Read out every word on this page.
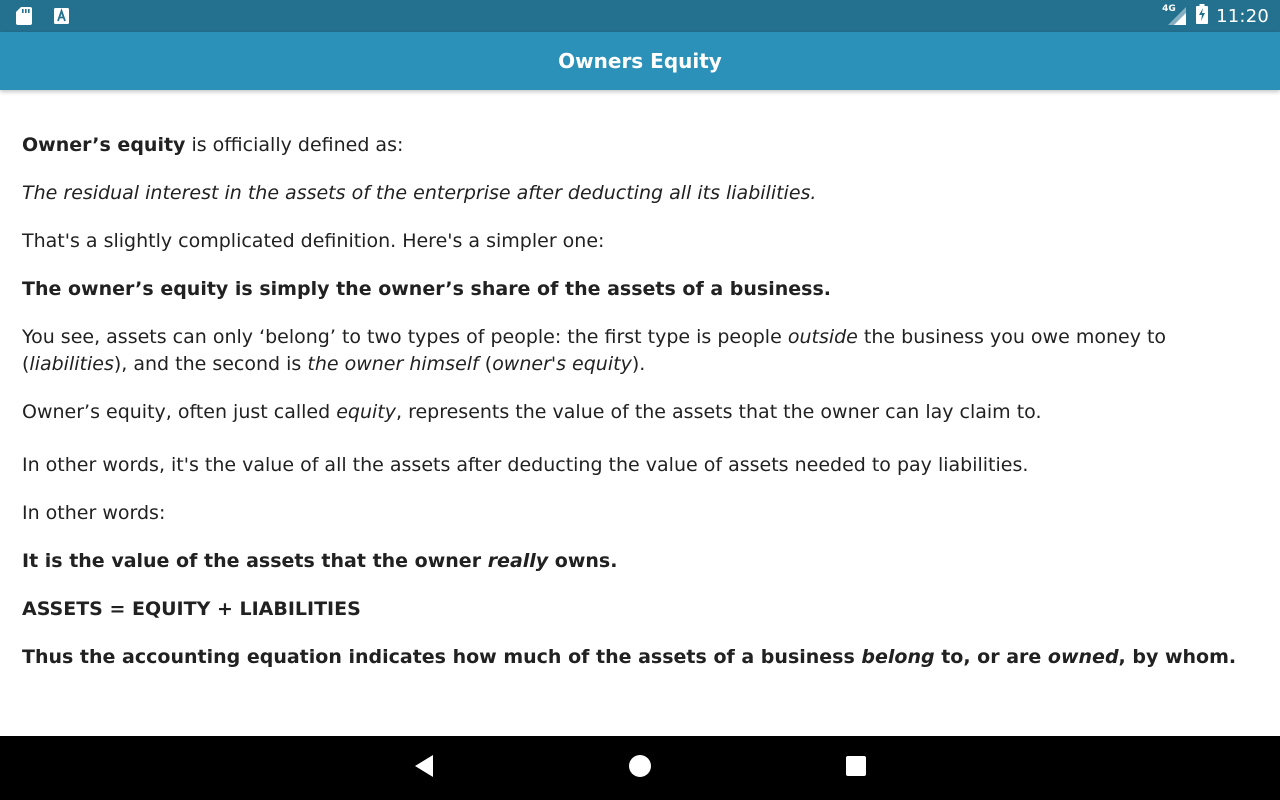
4G 11:20
Owners Equity

Owner’s equity is officially defined as:

The residual interest in the assets of the enterprise after deducting all its liabilities.

That's a slightly complicated definition. Here's a simpler one:

The owner’s equity is simply the owner’s share of the assets of a business.

You see, assets can only ‘belong’ to two types of people: the first type is people outside the business you owe money to (liabilities), and the second is the owner himself (owner's equity).

Owner’s equity, often just called equity, represents the value of the assets that the owner can lay claim to.

In other words, it's the value of all the assets after deducting the value of assets needed to pay liabilities.

In other words:

It is the value of the assets that the owner really owns.

ASSETS = EQUITY + LIABILITIES

Thus the accounting equation indicates how much of the assets of a business belong to, or are owned, by whom.
